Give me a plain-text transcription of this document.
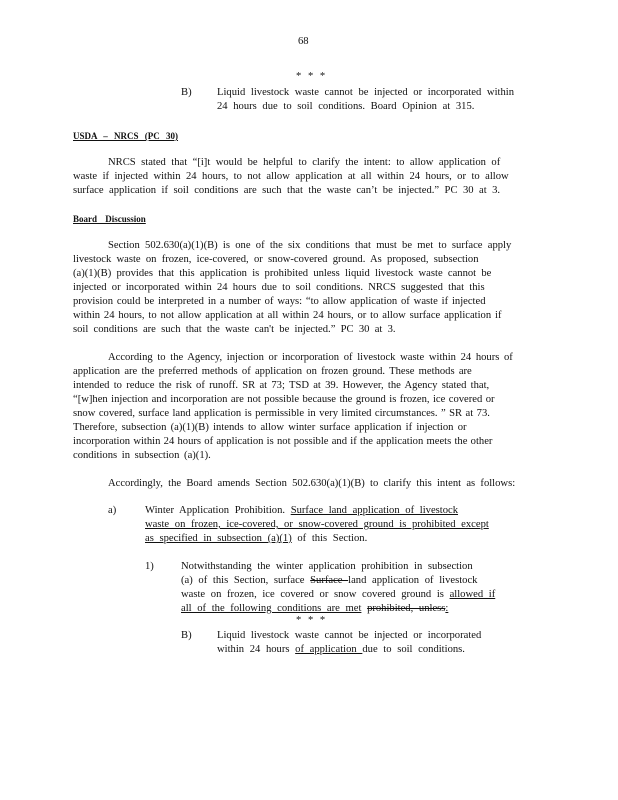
68
* * *
B) Liquid livestock waste cannot be injected or incorporated within
24 hours due to soil conditions. Board Opinion at 315.
USDA – NRCS (PC 30)
NRCS stated that “[i]t would be helpful to clarify the intent: to allow application of
waste if injected within 24 hours, to not allow application at all within 24 hours, or to allow
surface application if soil conditions are such that the waste can’t be injected.” PC 30 at 3.
Board Discussion
Section 502.630(a)(1)(B) is one of the six conditions that must be met to surface apply
livestock waste on frozen, ice-covered, or snow-covered ground. As proposed, subsection
(a)(1)(B) provides that this application is prohibited unless liquid livestock waste cannot be
injected or incorporated within 24 hours due to soil conditions. NRCS suggested that this
provision could be interpreted in a number of ways: “to allow application of waste if injected
within 24 hours, to not allow application at all within 24 hours, or to allow surface application if
soil conditions are such that the waste can't be injected.” PC 30 at 3.
According to the Agency, injection or incorporation of livestock waste within 24 hours of
application are the preferred methods of application on frozen ground. These methods are
intended to reduce the risk of runoff. SR at 73; TSD at 39. However, the Agency stated that,
“[w]hen injection and incorporation are not possible because the ground is frozen, ice covered or
snow covered, surface land application is permissible in very limited circumstances. ” SR at 73.
Therefore, subsection (a)(1)(B) intends to allow winter surface application if injection or
incorporation within 24 hours of application is not possible and if the application meets the other
conditions in subsection (a)(1).
Accordingly, the Board amends Section 502.630(a)(1)(B) to clarify this intent as follows:
a)	Winter Application Prohibition. Surface land application of livestock
waste on frozen, ice-covered, or snow-covered ground is prohibited except
as specified in subsection (a)(1) of this Section.
1)	Notwithstanding the winter application prohibition in subsection
(a) of this Section, surface Surface land application of livestock
waste on frozen, ice covered or snow covered ground is allowed if
all of the following conditions are met prohibited, unless:
* * *
B) Liquid livestock waste cannot be injected or incorporated
within 24 hours of application due to soil conditions.
